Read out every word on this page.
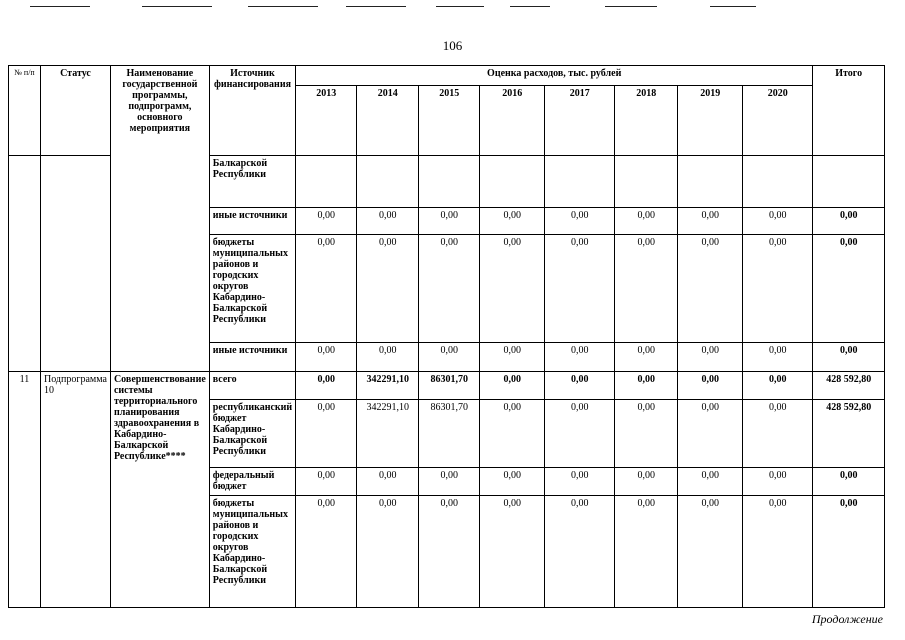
106
№ п/п	Статус	Наименование государственной программы, подпрограмм, основного мероприятия	Источник финансирования	Оценка расходов, тыс. рублей								Итого
				2013	2014	2015	2016	2017	2018	2019	2020	
			Балкарской Республики									
			иные источники	0,00	0,00	0,00	0,00	0,00	0,00	0,00	0,00	0,00
			бюджеты муниципальных районов и городских округов Кабардино-Балкарской Республики	0,00	0,00	0,00	0,00	0,00	0,00	0,00	0,00	0,00
			иные источники	0,00	0,00	0,00	0,00	0,00	0,00	0,00	0,00	0,00
11	Подпрограмма 10	Совершенствование системы территориального планирования здравоохранения в Кабардино-Балкарской Республике****	всего	0,00	342291,10	86301,70	0,00	0,00	0,00	0,00	0,00	428 592,80
			республиканский бюджет Кабардино-Балкарской Республики	0,00	342291,10	86301,70	0,00	0,00	0,00	0,00	0,00	428 592,80
			федеральный бюджет	0,00	0,00	0,00	0,00	0,00	0,00	0,00	0,00	0,00
			бюджеты муниципальных районов и городских округов Кабардино-Балкарской Республики	0,00	0,00	0,00	0,00	0,00	0,00	0,00	0,00	0,00
Продолжение
